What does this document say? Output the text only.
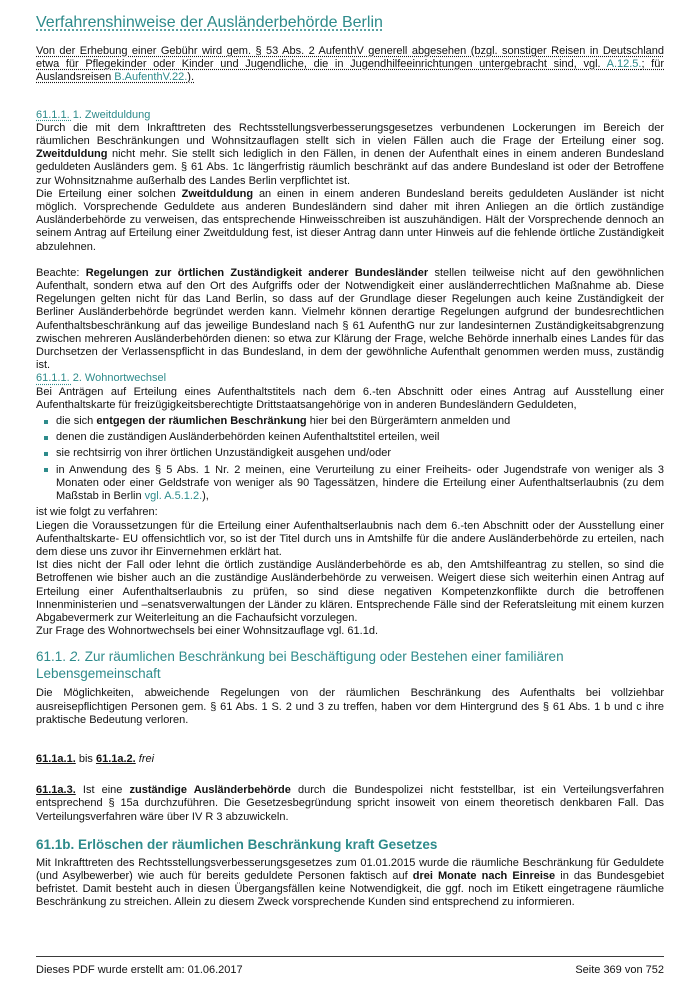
Verfahrenshinweise der Ausländerbehörde Berlin
Von der Erhebung einer Gebühr wird gem. § 53 Abs. 2 AufenthV generell abgesehen (bzgl. sonstiger Reisen in Deutschland etwa für Pflegekinder oder Kinder und Jugendliche, die in Jugendhilfeeinrichtungen untergebracht sind, vgl. A.12.5.; für Auslandsreisen B.AufenthV.22.).
61.1.1. 1. Zweitduldung
Durch die mit dem Inkrafttreten des Rechtsstellungsverbesserungsgesetzes verbundenen Lockerungen im Bereich der räumlichen Beschränkungen und Wohnsitzauflagen stellt sich in vielen Fällen auch die Frage der Erteilung einer sog. Zweitduldung nicht mehr. Sie stellt sich lediglich in den Fällen, in denen der Aufenthalt eines in einem anderen Bundesland geduldeten Ausländers gem. § 61 Abs. 1c längerfristig räumlich beschränkt auf das andere Bundesland ist oder der Betroffene zur Wohnsitznahme außerhalb des Landes Berlin verpflichtet ist.
Die Erteilung einer solchen Zweitduldung an einen in einem anderen Bundesland bereits geduldeten Ausländer ist nicht möglich. Vorsprechende Geduldete aus anderen Bundesländern sind daher mit ihren Anliegen an die örtlich zuständige Ausländerbehörde zu verweisen, das entsprechende Hinweisschreiben ist auszuhändigen. Hält der Vorsprechende dennoch an seinem Antrag auf Erteilung einer Zweitduldung fest, ist dieser Antrag dann unter Hinweis auf die fehlende örtliche Zuständigkeit abzulehnen.
Beachte: Regelungen zur örtlichen Zuständigkeit anderer Bundesländer stellen teilweise nicht auf den gewöhnlichen Aufenthalt, sondern etwa auf den Ort des Aufgriffs oder der Notwendigkeit einer ausländerrechtlichen Maßnahme ab. Diese Regelungen gelten nicht für das Land Berlin, so dass auf der Grundlage dieser Regelungen auch keine Zuständigkeit der Berliner Ausländerbehörde begründet werden kann. Vielmehr können derartige Regelungen aufgrund der bundesrechtlichen Aufenthaltsbeschränkung auf das jeweilige Bundesland nach § 61 AufenthG nur zur landesinternen Zuständigkeitsabgrenzung zwischen mehreren Ausländerbehörden dienen: so etwa zur Klärung der Frage, welche Behörde innerhalb eines Landes für das Durchsetzen der Verlassenspflicht in das Bundesland, in dem der gewöhnliche Aufenthalt genommen werden muss, zuständig ist.
61.1.1. 2. Wohnortwechsel
Bei Anträgen auf Erteilung eines Aufenthaltstitels nach dem 6.-ten Abschnitt oder eines Antrag auf Ausstellung einer Aufenthaltskarte für freizügigkeitsberechtigte Drittstaatsangehörige von in anderen Bundesländern Geduldeten,
die sich entgegen der räumlichen Beschränkung hier bei den Bürgerämtern anmelden und
denen die zuständigen Ausländerbehörden keinen Aufenthaltstitel erteilen, weil
sie rechtsirrig von ihrer örtlichen Unzuständigkeit ausgehen und/oder
in Anwendung des § 5 Abs. 1 Nr. 2 meinen, eine Verurteilung zu einer Freiheits- oder Jugendstrafe von weniger als 3 Monaten oder einer Geldstrafe von weniger als 90 Tagessätzen, hindere die Erteilung einer Aufenthaltserlaubnis (zu dem Maßstab in Berlin vgl. A.5.1.2.),
ist wie folgt zu verfahren:
Liegen die Voraussetzungen für die Erteilung einer Aufenthaltserlaubnis nach dem 6.-ten Abschnitt oder der Ausstellung einer Aufenthaltskarte- EU offensichtlich vor, so ist der Titel durch uns in Amtshilfe für die andere Ausländerbehörde zu erteilen, nach dem diese uns zuvor ihr Einvernehmen erklärt hat.
Ist dies nicht der Fall oder lehnt die örtlich zuständige Ausländerbehörde es ab, den Amtshilfeantrag zu stellen, so sind die Betroffenen wie bisher auch an die zuständige Ausländerbehörde zu verweisen. Weigert diese sich weiterhin einen Antrag auf Erteilung einer Aufenthaltserlaubnis zu prüfen, so sind diese negativen Kompetenzkonflikte durch die betroffenen Innenministerien und –senatsverwaltungen der Länder zu klären. Entsprechende Fälle sind der Referatsleitung mit einem kurzen Abgabevermerk zur Weiterleitung an die Fachaufsicht vorzulegen.
Zur Frage des Wohnortwechsels bei einer Wohnsitzauflage vgl. 61.1d.
61.1. 2. Zur räumlichen Beschränkung bei Beschäftigung oder Bestehen einer familiären Lebensgemeinschaft
Die Möglichkeiten, abweichende Regelungen von der räumlichen Beschränkung des Aufenthalts bei vollziehbar ausreisepflichtigen Personen gem. § 61 Abs. 1 S. 2 und 3 zu treffen, haben vor dem Hintergrund des § 61 Abs. 1 b und c ihre praktische Bedeutung verloren.
61.1a.1. bis 61.1a.2. frei
61.1a.3. Ist eine zuständige Ausländerbehörde durch die Bundespolizei nicht feststellbar, ist ein Verteilungsverfahren entsprechend § 15a durchzuführen. Die Gesetzesbegründung spricht insoweit von einem theoretisch denkbaren Fall. Das Verteilungsverfahren wäre über IV R 3 abzuwickeln.
61.1b. Erlöschen der räumlichen Beschränkung kraft Gesetzes
Mit Inkrafttreten des Rechtsstellungsverbesserungsgesetzes zum 01.01.2015 wurde die räumliche Beschränkung für Geduldete (und Asylbewerber) wie auch für bereits geduldete Personen faktisch auf drei Monate nach Einreise in das Bundesgebiet befristet. Damit besteht auch in diesen Übergangsfällen keine Notwendigkeit, die ggf. noch im Etikett eingetragene räumliche Beschränkung zu streichen. Allein zu diesem Zweck vorsprechende Kunden sind entsprechend zu informieren.
Dieses PDF wurde erstellt am: 01.06.2017	Seite 369 von 752
